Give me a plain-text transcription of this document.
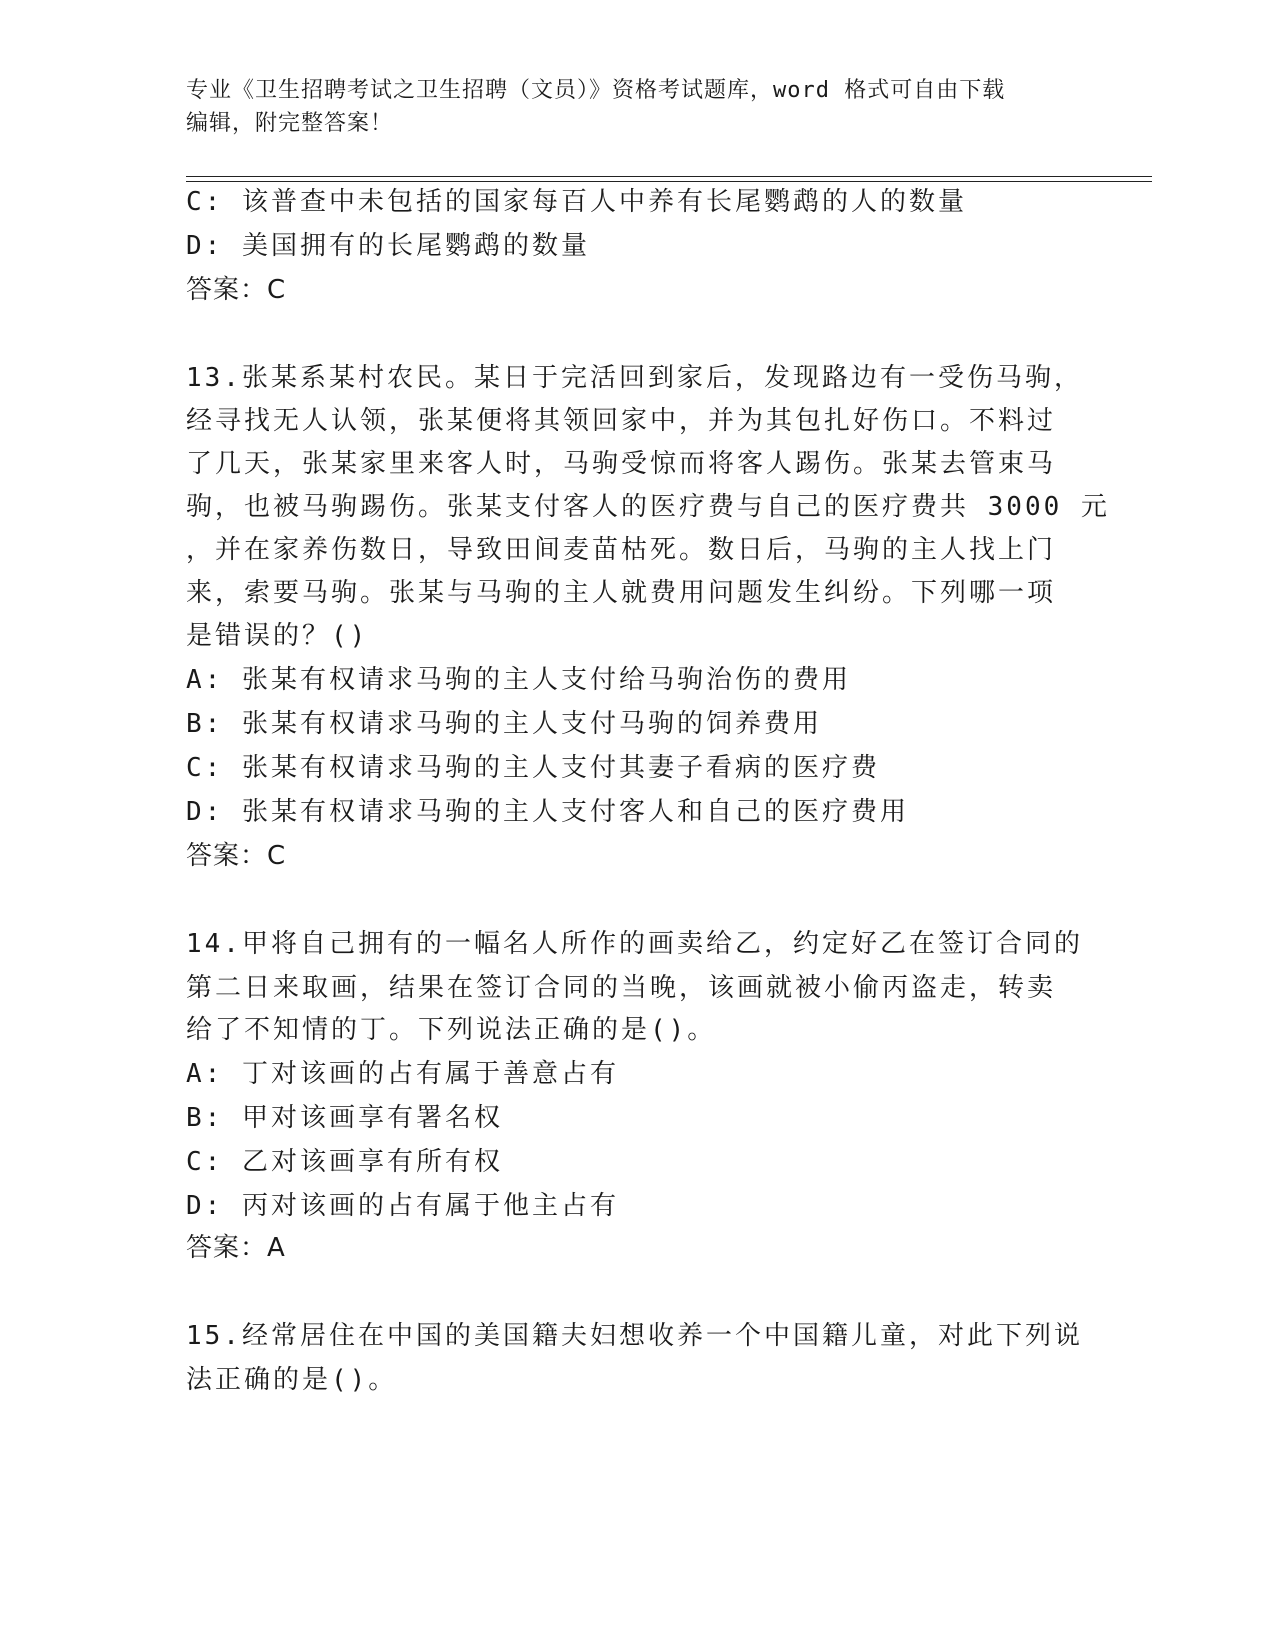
专业《卫生招聘考试之卫生招聘（文员）》资格考试题库，word 格式可自由下载
编辑，附完整答案！
C: 该普查中未包括的国家每百人中养有长尾鹦鹉的人的数量
D: 美国拥有的长尾鹦鹉的数量
答案：C
13.张某系某村农民。某日于完活回到家后，发现路边有一受伤马驹，
经寻找无人认领，张某便将其领回家中，并为其包扎好伤口。不料过
了几天，张某家里来客人时，马驹受惊而将客人踢伤。张某去管束马
驹，也被马驹踢伤。张某支付客人的医疗费与自己的医疗费共 3000 元
，并在家养伤数日，导致田间麦苗枯死。数日后，马驹的主人找上门
来，索要马驹。张某与马驹的主人就费用问题发生纠纷。下列哪一项
是错误的？()
A: 张某有权请求马驹的主人支付给马驹治伤的费用
B: 张某有权请求马驹的主人支付马驹的饲养费用
C: 张某有权请求马驹的主人支付其妻子看病的医疗费
D: 张某有权请求马驹的主人支付客人和自己的医疗费用
答案：C
14.甲将自己拥有的一幅名人所作的画卖给乙，约定好乙在签订合同的
第二日来取画，结果在签订合同的当晚，该画就被小偷丙盗走，转卖
给了不知情的丁。下列说法正确的是()。
A: 丁对该画的占有属于善意占有
B: 甲对该画享有署名权
C: 乙对该画享有所有权
D: 丙对该画的占有属于他主占有
答案：A
15.经常居住在中国的美国籍夫妇想收养一个中国籍儿童，对此下列说
法正确的是()。
